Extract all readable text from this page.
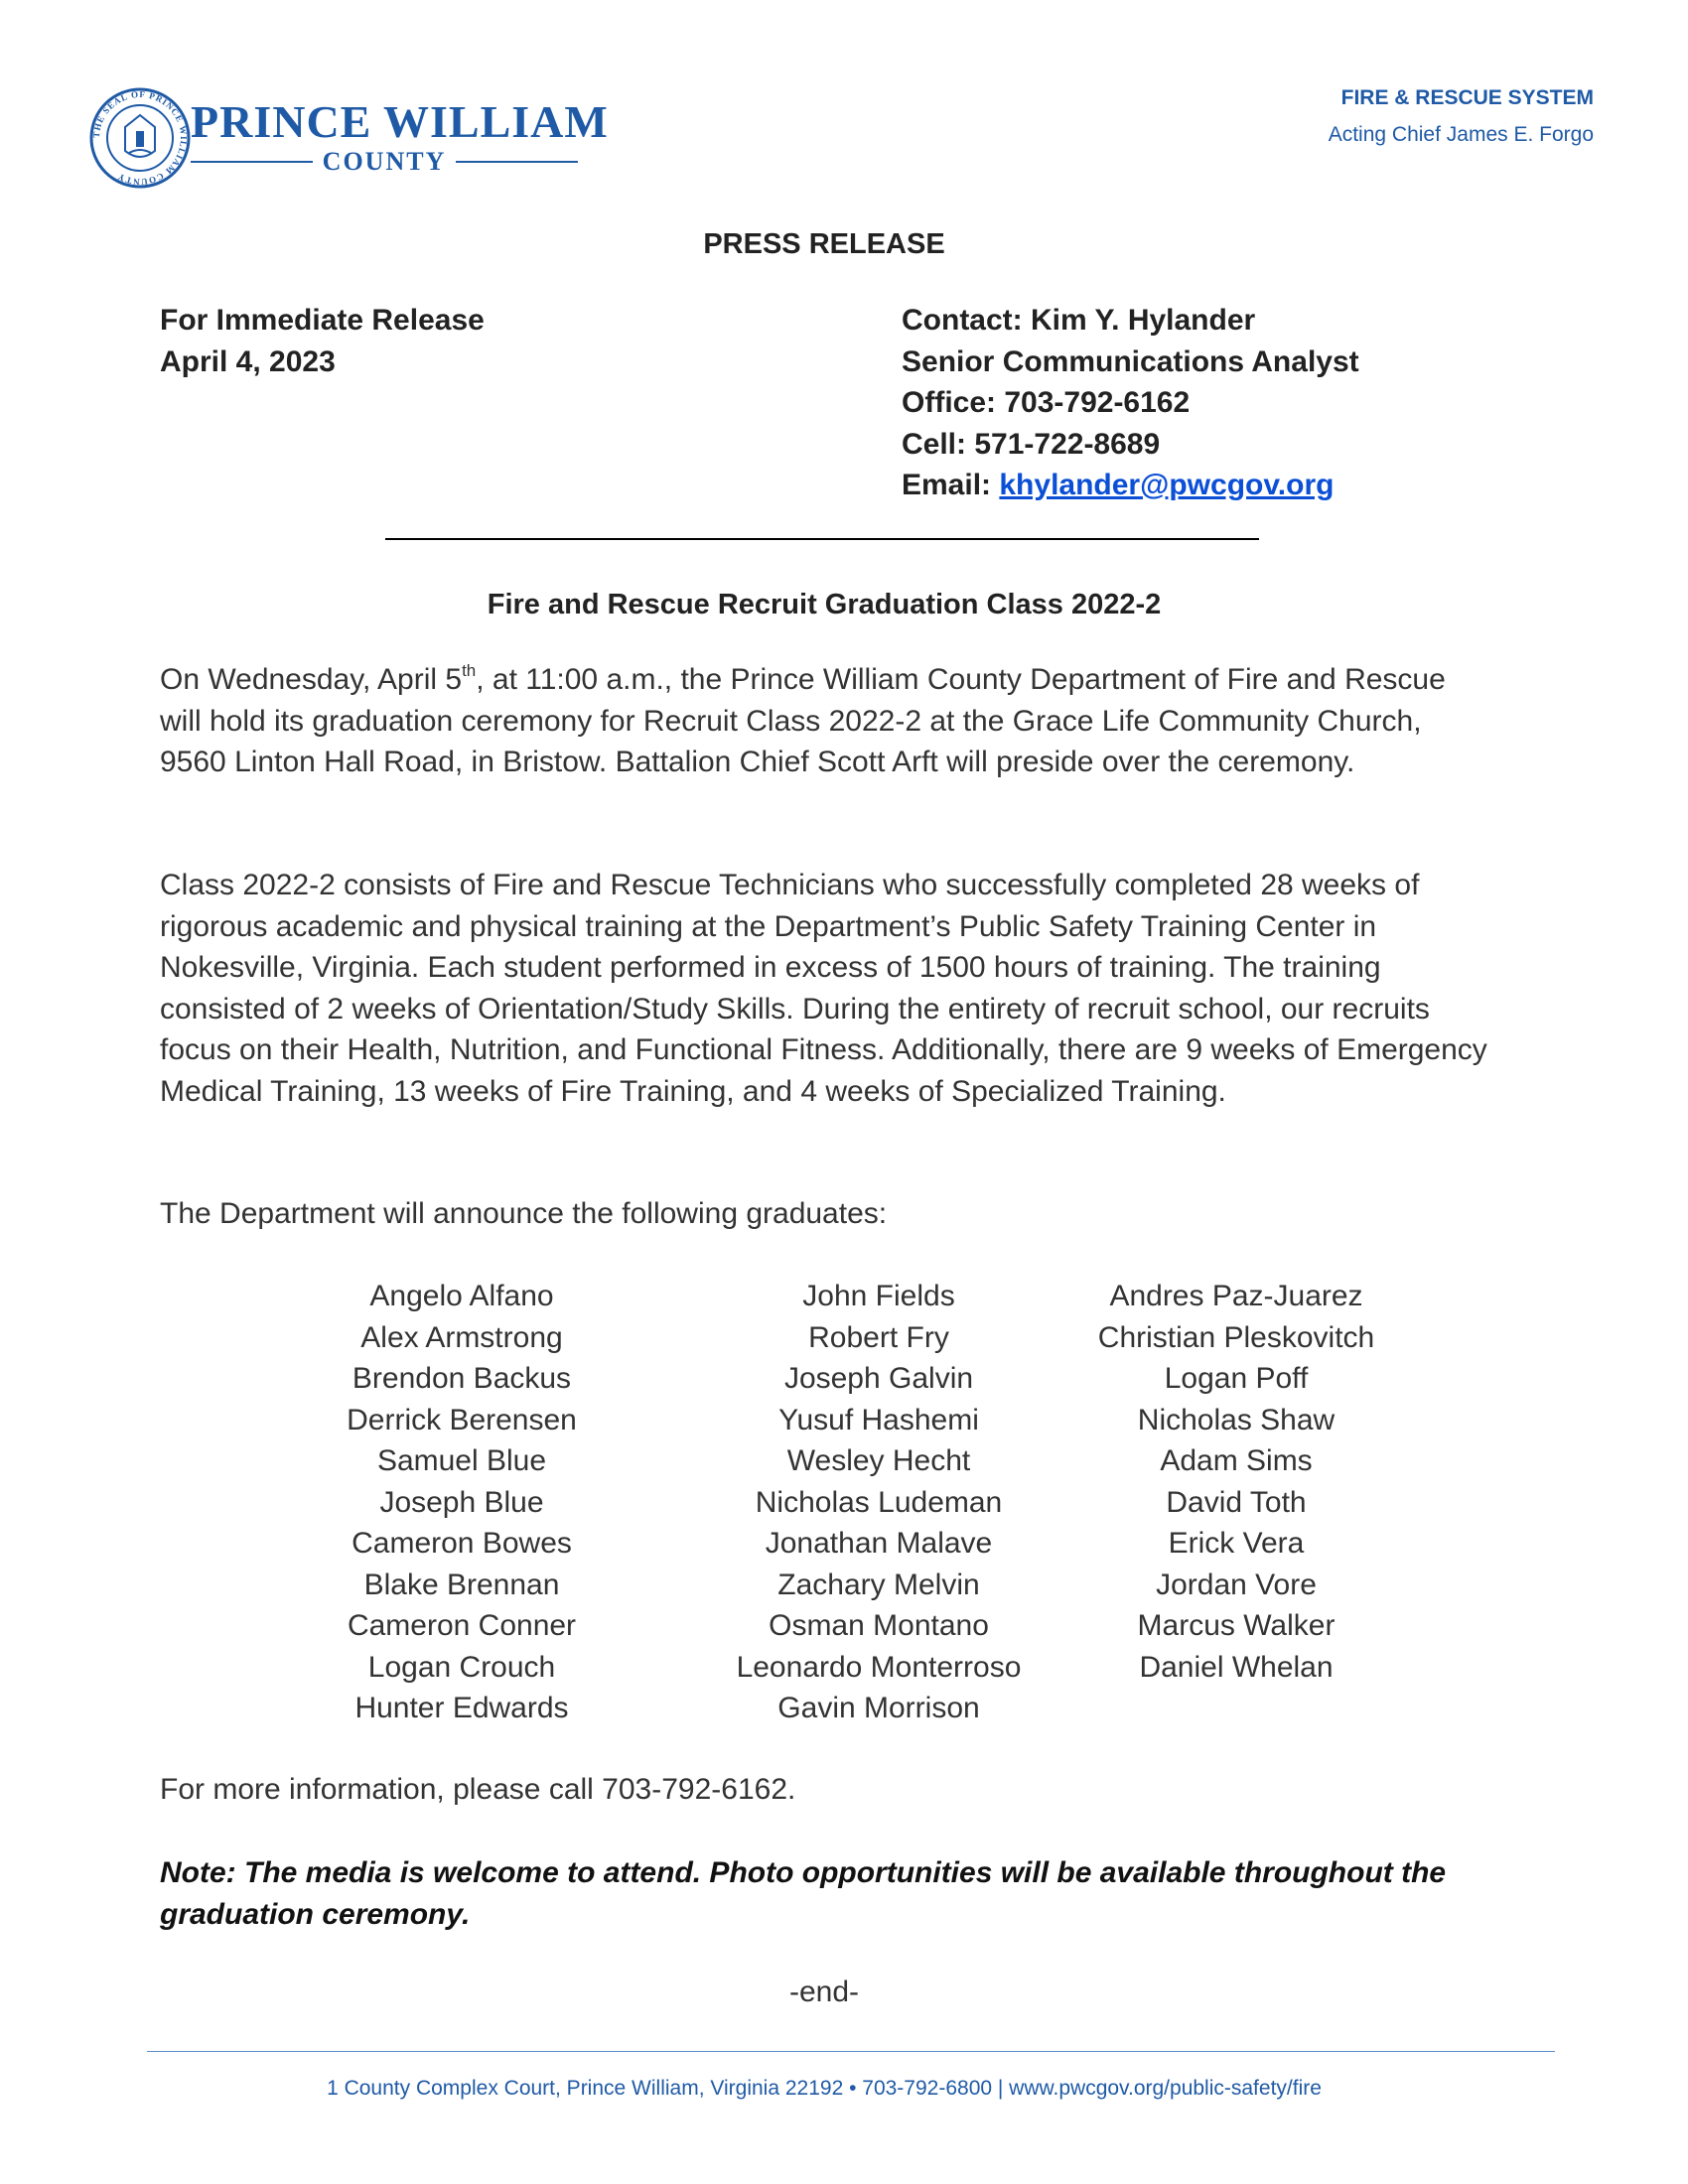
THE SEAL OF PRINCE WILLIAM COUNTY
PRINCE WILLIAM
COUNTY
FIRE & RESCUE SYSTEM
Acting Chief James E. Forgo
PRESS RELEASE
For Immediate Release
April 4, 2023
Contact: Kim Y. Hylander
Senior Communications Analyst
Office: 703-792-6162
Cell: 571-722-8689
Email: khylander@pwcgov.org
Fire and Rescue Recruit Graduation Class 2022-2
On Wednesday, April 5th, at 11:00 a.m., the Prince William County Department of Fire and Rescue will hold its graduation ceremony for Recruit Class 2022-2 at the Grace Life Community Church, 9560 Linton Hall Road, in Bristow. Battalion Chief Scott Arft will preside over the ceremony.
Class 2022-2 consists of Fire and Rescue Technicians who successfully completed 28 weeks of rigorous academic and physical training at the Department’s Public Safety Training Center in Nokesville, Virginia. Each student performed in excess of 1500 hours of training. The training consisted of 2 weeks of Orientation/Study Skills. During the entirety of recruit school, our recruits focus on their Health, Nutrition, and Functional Fitness. Additionally, there are 9 weeks of Emergency Medical Training, 13 weeks of Fire Training, and 4 weeks of Specialized Training.
The Department will announce the following graduates:
Angelo Alfano
Alex Armstrong
Brendon Backus
Derrick Berensen
Samuel Blue
Joseph Blue
Cameron Bowes
Blake Brennan
Cameron Conner
Logan Crouch
Hunter Edwards
John Fields
Robert Fry
Joseph Galvin
Yusuf Hashemi
Wesley Hecht
Nicholas Ludeman
Jonathan Malave
Zachary Melvin
Osman Montano
Leonardo Monterroso
Gavin Morrison
Andres Paz-Juarez
Christian Pleskovitch
Logan Poff
Nicholas Shaw
Adam Sims
David Toth
Erick Vera
Jordan Vore
Marcus Walker
Daniel Whelan
For more information, please call 703-792-6162.
Note: The media is welcome to attend. Photo opportunities will be available throughout the graduation ceremony.
-end-
1 County Complex Court, Prince William, Virginia 22192 • 703-792-6800 | www.pwcgov.org/public-safety/fire
